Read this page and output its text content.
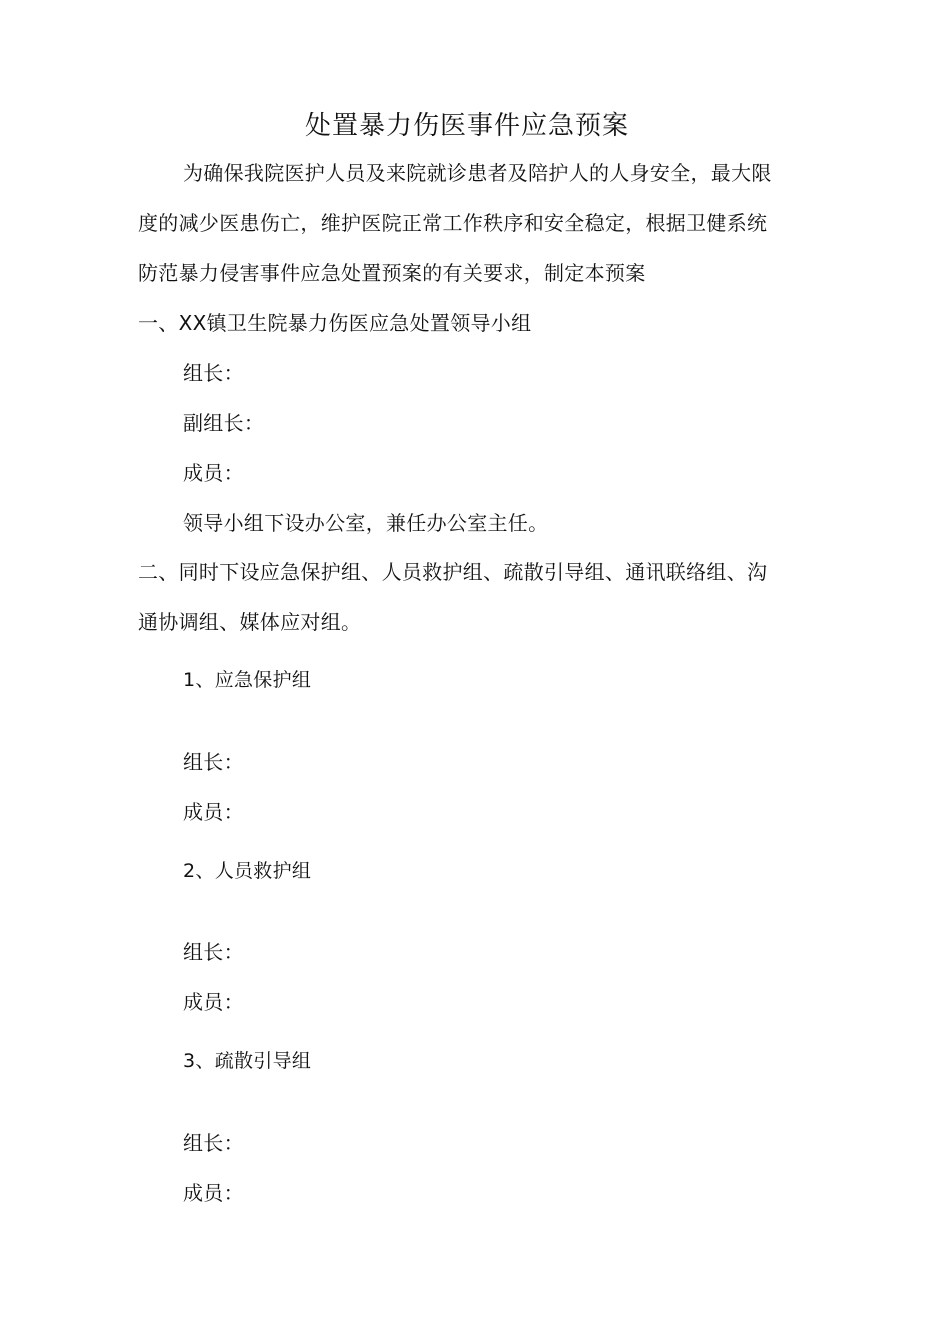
处置暴力伤医事件应急预案
为确保我院医护人员及来院就诊患者及陪护人的人身安全，最大限
度的减少医患伤亡，维护医院正常工作秩序和安全稳定，根据卫健系统
防范暴力侵害事件应急处置预案的有关要求，制定本预案
一、XX镇卫生院暴力伤医应急处置领导小组
组长：
副组长：
成员：
领导小组下设办公室，兼任办公室主任。
二、同时下设应急保护组、人员救护组、疏散引导组、通讯联络组、沟
通协调组、媒体应对组。
1、应急保护组
组长：
成员：
2、人员救护组
组长：
成员：
3、疏散引导组
组长：
成员：
